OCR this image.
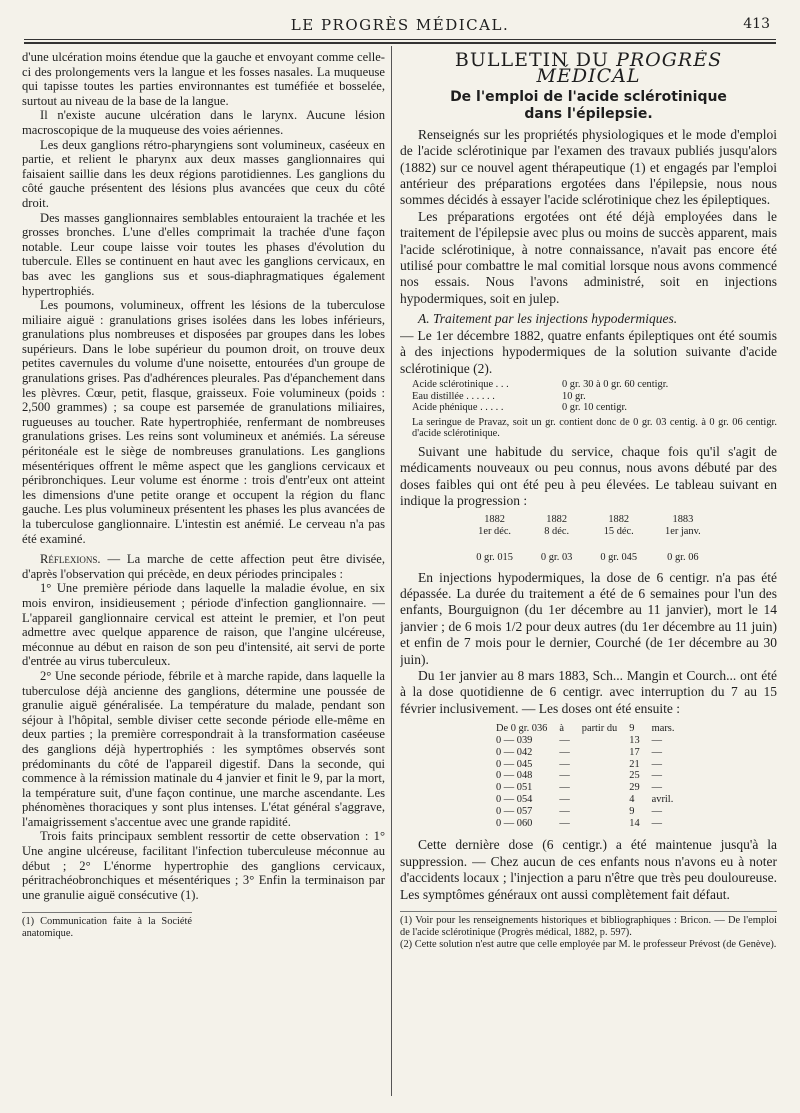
LE PROGRÈS MÉDICAL.	413

d'une ulcération moins étendue que la gauche et envoyant comme celle-ci des prolongements vers la langue et les fosses nasales. La muqueuse qui tapisse toutes les parties environnantes est tuméfiée et bosselée, surtout au niveau de la base de la langue.

Il n'existe aucune ulcération dans le larynx. Aucune lésion macroscopique de la muqueuse des voies aériennes.

Les deux ganglions rétro-pharyngiens sont volumineux, caséeux en partie, et relient le pharynx aux deux masses ganglionnaires qui faisaient saillie dans les deux régions parotidiennes. Les ganglions du côté gauche présentent des lésions plus avancées que ceux du côté droit.

Des masses ganglionnaires semblables entouraient la trachée et les grosses bronches. L'une d'elles comprimait la trachée d'une façon notable. Leur coupe laisse voir toutes les phases d'évolution du tubercule. Elles se continuent en haut avec les ganglions cervicaux, en bas avec les ganglions sus et sous-diaphragmatiques également hypertrophiés.

Les poumons, volumineux, offrent les lésions de la tuberculose miliaire aiguë : granulations grises isolées dans les lobes inférieurs, granulations plus nombreuses et disposées par groupes dans les lobes supérieurs. Dans le lobe supérieur du poumon droit, on trouve deux petites cavernules du volume d'une noisette, entourées d'un groupe de granulations grises. Pas d'adhérences pleurales. Pas d'épanchement dans les plèvres. Cœur, petit, flasque, graisseux. Foie volumineux (poids : 2,500 grammes) ; sa coupe est parsemée de granulations miliaires, rugueuses au toucher. Rate hypertrophiée, renfermant de nombreuses granulations grises. Les reins sont volumineux et anémiés. La séreuse péritonéale est le siège de nombreuses granulations. Les ganglions mésentériques offrent le même aspect que les ganglions cervicaux et péribronchiques. Leur volume est énorme : trois d'entr'eux ont atteint les dimensions d'une petite orange et occupent la région du flanc gauche. Les plus volumineux présentent les phases les plus avancées de la tuberculose ganglionnaire. L'intestin est anémié. Le cerveau n'a pas été examiné.

Réflexions. — La marche de cette affection peut être divisée, d'après l'observation qui précède, en deux périodes principales :

1° Une première période dans laquelle la maladie évolue, en six mois environ, insidieusement ; période d'infection ganglionnaire. — L'appareil ganglionnaire cervical est atteint le premier, et l'on peut admettre avec quelque apparence de raison, que l'angine ulcéreuse, méconnue au début en raison de son peu d'intensité, ait servi de porte d'entrée au virus tuberculeux.

2° Une seconde période, fébrile et à marche rapide, dans laquelle la tuberculose déjà ancienne des ganglions, détermine une poussée de granulie aiguë généralisée. La température du malade, pendant son séjour à l'hôpital, semble diviser cette seconde période elle-même en deux parties ; la première correspondrait à la transformation caséeuse des ganglions déjà hypertrophiés : les symptômes observés sont prédominants du côté de l'appareil digestif. Dans la seconde, qui commence à la rémission matinale du 4 janvier et finit le 9, par la mort, la température suit, d'une façon continue, une marche ascendante. Les phénomènes thoraciques y sont plus intenses. L'état général s'aggrave, l'amaigrissement s'accentue avec une grande rapidité.

Trois faits principaux semblent ressortir de cette observation : 1° Une angine ulcéreuse, facilitant l'infection tuberculeuse méconnue au début ; 2° L'énorme hypertrophie des ganglions cervicaux, péritrachéobronchiques et mésentériques ; 3° Enfin la terminaison par une granulie aiguë consécutive (1).

(1) Communication faite à la Société anatomique.

BULLETIN DU PROGRÈS MÉDICAL
De l'emploi de l'acide sclérotinique
dans l'épilepsie.

Renseignés sur les propriétés physiologiques et le mode d'emploi de l'acide sclérotinique par l'examen des travaux publiés jusqu'alors (1882) sur ce nouvel agent thérapeutique (1) et engagés par l'emploi antérieur des préparations ergotées dans l'épilepsie, nous nous sommes décidés à essayer l'acide sclérotinique chez les épileptiques.

Les préparations ergotées ont été déjà employées dans le traitement de l'épilepsie avec plus ou moins de succès apparent, mais l'acide sclérotinique, à notre connaissance, n'avait pas encore été utilisé pour combattre le mal comitial lorsque nous avons commencé nos essais. Nous l'avons administré, soit en injections hypodermiques, soit en julep.

A. Traitement par les injections hypodermiques.

— Le 1er décembre 1882, quatre enfants épileptiques ont été soumis à des injections hypodermiques de la solution suivante d'acide sclérotinique (2).

Acide sclérotinique . . .	0 gr. 30 à 0 gr. 60 centigr.
Eau distillée . . . . . .	10 gr.
Acide phénique . . . . .	0 gr. 10 centigr.

La seringue de Pravaz, soit un gr. contient donc de 0 gr. 03 centig. à 0 gr. 06 centigr. d'acide sclérotinique.

Suivant une habitude du service, chaque fois qu'il s'agit de médicaments nouveaux ou peu connus, nous avons débuté par des doses faibles qui ont été peu à peu élevées. Le tableau suivant en indique la progression :

1882	1882	1882	1883
1er déc.	8 déc.	15 déc.	1er janv.

0 gr. 015	0 gr. 03	0 gr. 045	0 gr. 06

En injections hypodermiques, la dose de 6 centigr. n'a pas été dépassée. La durée du traitement a été de 6 semaines pour l'un des enfants, Bourguignon (du 1er décembre au 11 janvier), mort le 14 janvier ; de 6 mois 1/2 pour deux autres (du 1er décembre au 11 juin) et enfin de 7 mois pour le dernier, Courché (de 1er décembre au 30 juin).

Du 1er janvier au 8 mars 1883, Sch... Mangin et Courch... ont été à la dose quotidienne de 6 centigr. avec interruption du 7 au 15 février inclusivement. — Les doses ont été ensuite :

De 0 gr. 036	à	partir du	9	mars.
0 — 039	—		13	—
0 — 042	—		17	—
0 — 045	—		21	—
0 — 048	—		25	—
0 — 051	—		29	—
0 — 054	—		4	avril.
0 — 057	—		9	—
0 — 060	—		14	—

Cette dernière dose (6 centigr.) a été maintenue jusqu'à la suppression. — Chez aucun de ces enfants nous n'avons eu à noter d'accidents locaux ; l'injection a paru n'être que très peu douloureuse. Les symptômes généraux ont aussi complètement fait défaut.

(1) Voir pour les renseignements historiques et bibliographiques : Bricon. — De l'emploi de l'acide sclérotinique (Progrès médical, 1882, p. 597).

(2) Cette solution n'est autre que celle employée par M. le professeur Prévost (de Genève).
